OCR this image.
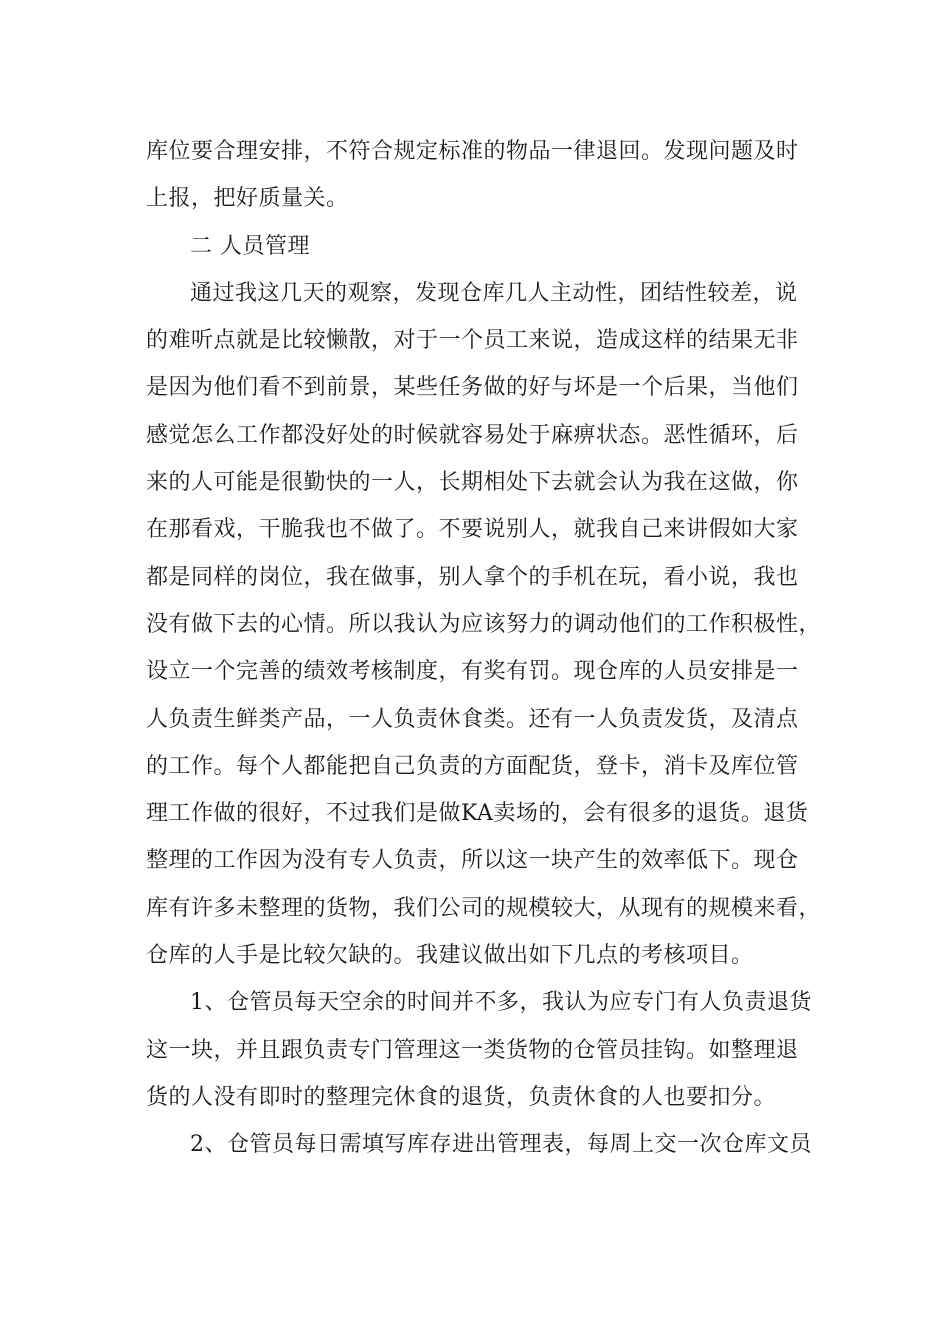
库位要合理安排，不符合规定标准的物品一律退回。发现问题及时
上报，把好质量关。
二 人员管理
通过我这几天的观察，发现仓库几人主动性，团结性较差，说
的难听点就是比较懒散，对于一个员工来说，造成这样的结果无非
是因为他们看不到前景，某些任务做的好与坏是一个后果，当他们
感觉怎么工作都没好处的时候就容易处于麻痹状态。恶性循环，后
来的人可能是很勤快的一人，长期相处下去就会认为我在这做，你
在那看戏，干脆我也不做了。不要说别人，就我自己来讲假如大家
都是同样的岗位，我在做事，别人拿个的手机在玩，看小说，我也
没有做下去的心情。所以我认为应该努力的调动他们的工作积极性，
设立一个完善的绩效考核制度，有奖有罚。现仓库的人员安排是一
人负责生鲜类产品，一人负责休食类。还有一人负责发货，及清点
的工作。每个人都能把自己负责的方面配货，登卡，消卡及库位管
理工作做的很好，不过我们是做KA卖场的，会有很多的退货。退货
整理的工作因为没有专人负责，所以这一块产生的效率低下。现仓
库有许多未整理的货物，我们公司的规模较大，从现有的规模来看，
仓库的人手是比较欠缺的。我建议做出如下几点的考核项目。
1、仓管员每天空余的时间并不多，我认为应专门有人负责退货
这一块，并且跟负责专门管理这一类货物的仓管员挂钩。如整理退
货的人没有即时的整理完休食的退货，负责休食的人也要扣分。
2、仓管员每日需填写库存进出管理表，每周上交一次仓库文员
